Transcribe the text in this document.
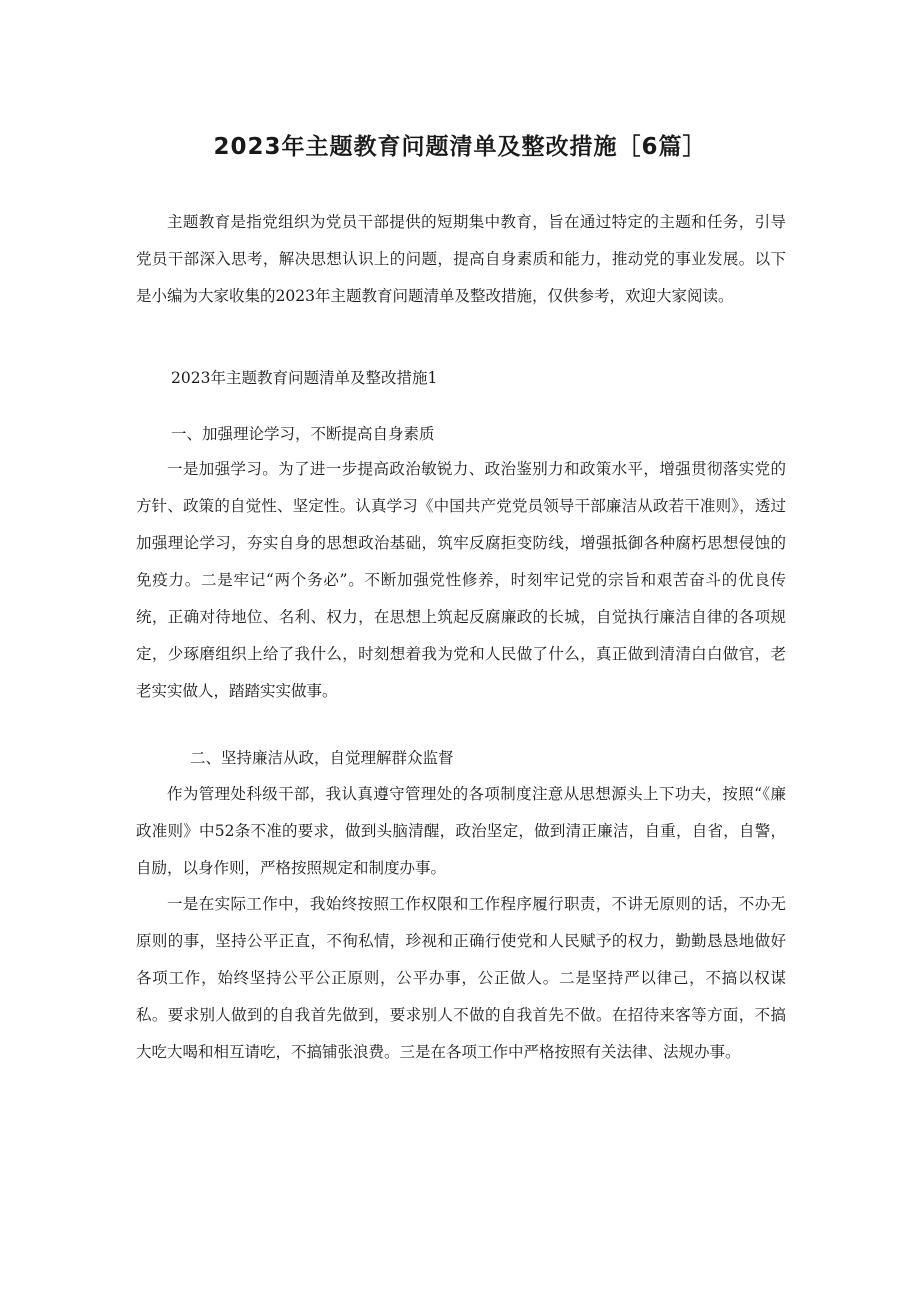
2023年主题教育问题清单及整改措施［6篇］

主题教育是指党组织为党员干部提供的短期集中教育，旨在通过特定的主题和任务，引导党员干部深入思考，解决思想认识上的问题，提高自身素质和能力，推动党的事业发展。以下是小编为大家收集的2023年主题教育问题清单及整改措施，仅供参考，欢迎大家阅读。

2023年主题教育问题清单及整改措施1

一、加强理论学习，不断提高自身素质

一是加强学习。为了进一步提高政治敏锐力、政治鉴别力和政策水平，增强贯彻落实党的方针、政策的自觉性、坚定性。认真学习《中国共产党党员领导干部廉洁从政若干准则》，透过加强理论学习，夯实自身的思想政治基础，筑牢反腐拒变防线，增强抵御各种腐朽思想侵蚀的免疫力。二是牢记“两个务必”。不断加强党性修养，时刻牢记党的宗旨和艰苦奋斗的优良传统，正确对待地位、名利、权力，在思想上筑起反腐廉政的长城，自觉执行廉洁自律的各项规定，少琢磨组织上给了我什么，时刻想着我为党和人民做了什么，真正做到清清白白做官，老老实实做人，踏踏实实做事。

二、坚持廉洁从政，自觉理解群众监督

作为管理处科级干部，我认真遵守管理处的各项制度注意从思想源头上下功夫，按照“《廉政准则》中52条不准的要求，做到头脑清醒，政治坚定，做到清正廉洁，自重，自省，自警，自励，以身作则，严格按照规定和制度办事。

一是在实际工作中，我始终按照工作权限和工作程序履行职责，不讲无原则的话，不办无原则的事，坚持公平正直，不徇私情，珍视和正确行使党和人民赋予的权力，勤勤恳恳地做好各项工作，始终坚持公平公正原则，公平办事，公正做人。二是坚持严以律己，不搞以权谋私。要求别人做到的自我首先做到，要求别人不做的自我首先不做。在招待来客等方面，不搞大吃大喝和相互请吃，不搞铺张浪费。三是在各项工作中严格按照有关法律、法规办事。
